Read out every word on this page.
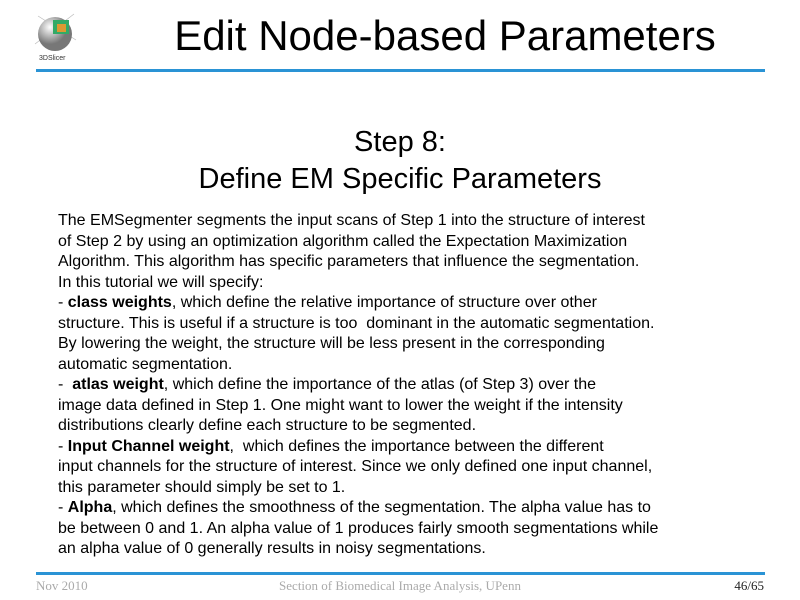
3DSlicer	Edit Node-based Parameters
Step 8:
Define EM Specific Parameters
The EMSegmenter segments the input scans of Step 1 into the structure of interest
of Step 2 by using an optimization algorithm called the Expectation Maximization
Algorithm. This algorithm has specific parameters that influence the segmentation.
In this tutorial we will specify:
- class weights, which define the relative importance of structure over other
structure. This is useful if a structure is too  dominant in the automatic segmentation.
By lowering the weight, the structure will be less present in the corresponding
automatic segmentation.
-  atlas weight, which define the importance of the atlas (of Step 3) over the
image data defined in Step 1. One might want to lower the weight if the intensity
distributions clearly define each structure to be segmented.
- Input Channel weight,  which defines the importance between the different
input channels for the structure of interest. Since we only defined one input channel,
this parameter should simply be set to 1.
- Alpha, which defines the smoothness of the segmentation. The alpha value has to
be between 0 and 1. An alpha value of 1 produces fairly smooth segmentations while
an alpha value of 0 generally results in noisy segmentations.
Nov 2010	Section of Biomedical Image Analysis, UPenn	46/65
